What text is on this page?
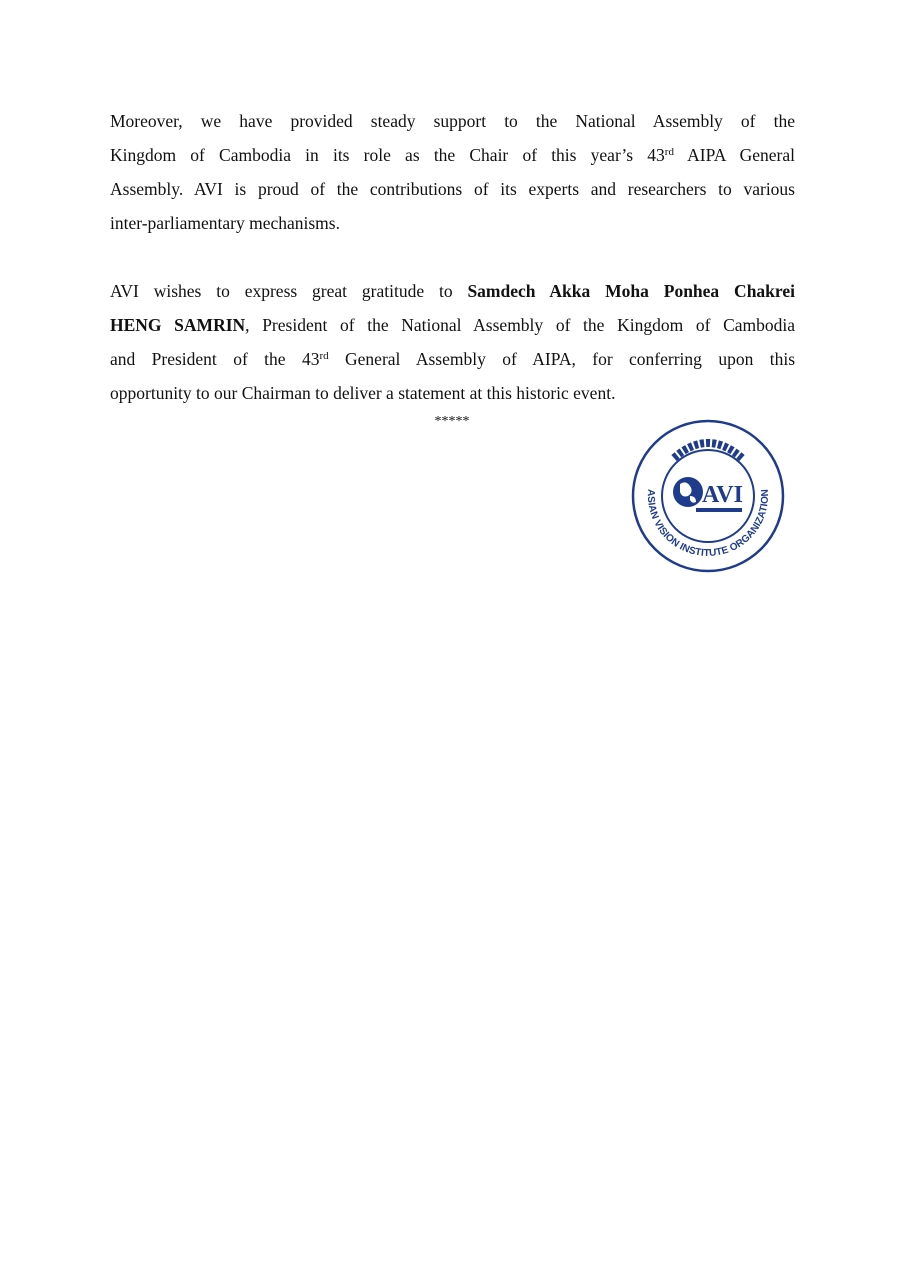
Moreover, we have provided steady support to the National Assembly of the
Kingdom of Cambodia in its role as the Chair of this year’s 43rd AIPA General
Assembly. AVI is proud of the contributions of its experts and researchers to various
inter-parliamentary mechanisms.
AVI wishes to express great gratitude to Samdech Akka Moha Ponhea Chakrei
HENG SAMRIN, President of the National Assembly of the Kingdom of Cambodia
and President of the 43rd General Assembly of AIPA, for conferring upon this
opportunity to our Chairman to deliver a statement at this historic event.
*****
AVI
ASIAN VISION INSTITUTE ORGANIZATION
